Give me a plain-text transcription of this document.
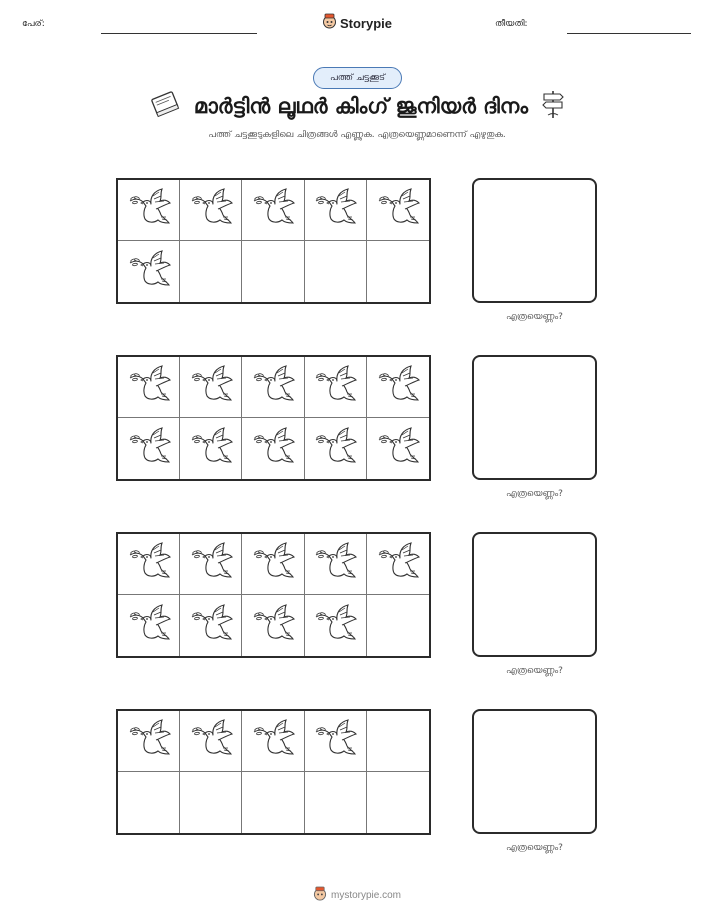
പേര്:	Storypie	തീയതി:
പത്ത് ചട്ടക്കൂട്
മാർട്ടിൻ ലൂഥർ കിംഗ് ജൂനിയർ ദിനം
പത്ത് ചട്ടക്കൂടുകളിലെ ചിത്രങ്ങൾ എണ്ണുക. എത്രയെണ്ണമാണെന്ന് എഴുതുക.
എത്രയെണ്ണം?
എത്രയെണ്ണം?
എത്രയെണ്ണം?
എത്രയെണ്ണം?
mystorypie.com
